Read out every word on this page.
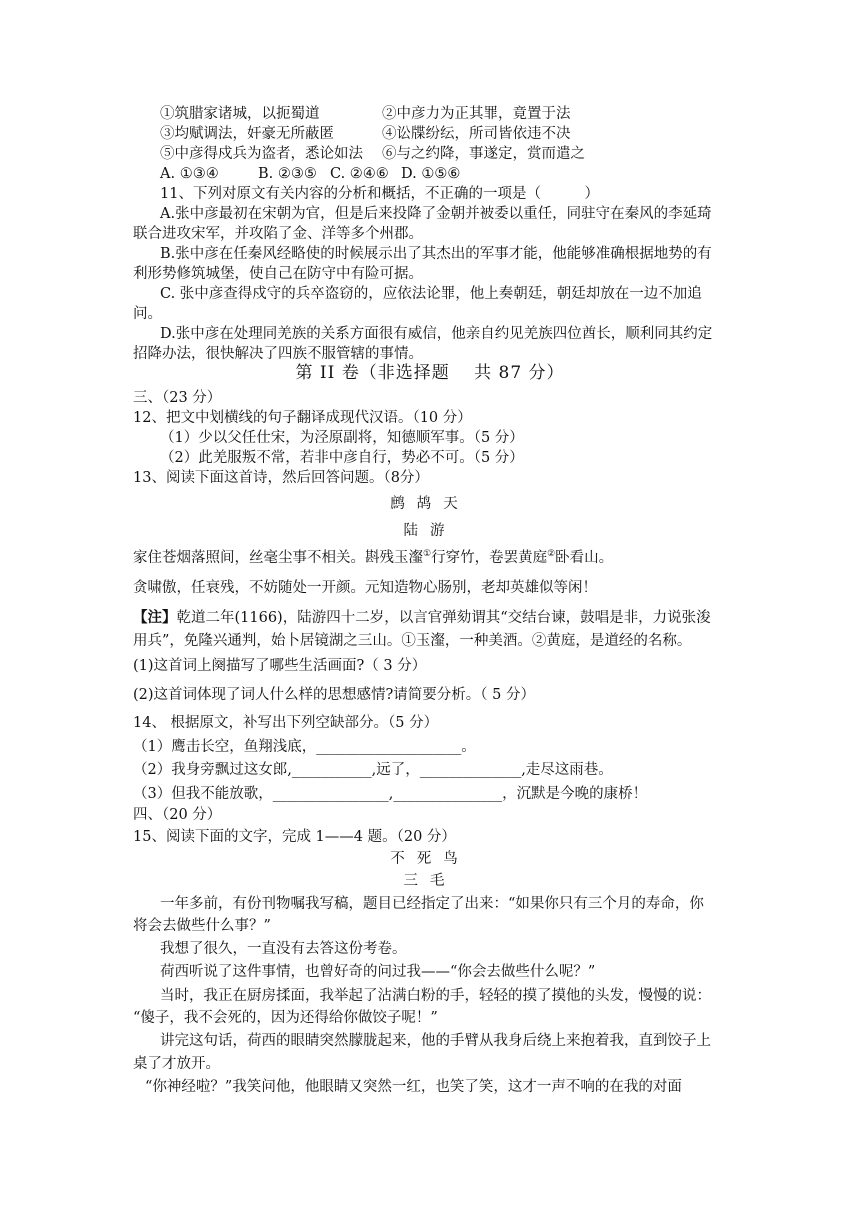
①筑腊家诸城，以扼蜀道	②中彦力为正其罪，竟置于法
③均赋调法，奸豪无所蔽匿	④讼牒纷纭，所司皆依违不决
⑤中彦得戍兵为盗者，悉论如法 ⑥与之约降，事遂定，赏而遣之
A. ①③④	B. ②③⑤ C. ②④⑥ D. ①⑤⑥
11、下列对原文有关内容的分析和概括，不正确的一项是（　　　）
A.张中彦最初在宋朝为官，但是后来投降了金朝并被委以重任，同驻守在秦风的李延琦
联合进攻宋军，并攻陷了金、洋等多个州郡。
B.张中彦在任秦风经略使的时候展示出了其杰出的军事才能，他能够准确根据地势的有
利形势修筑城堡，使自己在防守中有险可据。
C. 张中彦查得戍守的兵卒盗窃的，应依法论罪，他上奏朝廷，朝廷却放在一边不加追
问。
D.张中彦在处理同羌族的关系方面很有威信，他亲自约见羌族四位酋长，顺利同其约定
招降办法，很快解决了四族不服管辖的事情。
第 II 卷（非选择题　 共 87 分）
三、（23 分）
12、把文中划横线的句子翻译成现代汉语。（10 分）
（1）少以父任仕宋，为泾原副将，知德顺军事。（5 分）
（2）此羌服叛不常，若非中彦自行，势必不可。（5 分）
13、阅读下面这首诗，然后回答问题。（8分）
鹧鸪天
陆游
家住苍烟落照间，丝毫尘事不相关。斟残玉瀣①行穿竹，卷罢黄庭②卧看山。
贪啸傲，任衰残，不妨随处一开颜。元知造物心肠别，老却英雄似等闲！
【注】乾道二年(1166)，陆游四十二岁，以言官弹劾谓其“交结台谏，鼓唱是非，力说张浚
用兵”，免隆兴通判，始卜居镜湖之三山。①玉瀣，一种美酒。②黄庭，是道经的名称。
(1)这首词上阕描写了哪些生活画面?（ 3 分）
(2)这首词体现了词人什么样的思想感情?请简要分析。（ 5 分）
14、 根据原文，补写出下列空缺部分。（5 分）
（1）鹰击长空，鱼翔浅底，____________________。
（2）我身旁飘过这女郎,___________,远了，______________,走尽这雨巷。
（3）但我不能放歌，________________,_______________，沉默是今晚的康桥！
四、（20 分）
15、阅读下面的文字，完成 1——4 题。（20 分）
不死鸟
三毛
一年多前，有份刊物嘱我写稿，题目已经指定了出来：“如果你只有三个月的寿命，你
将会去做些什么事？”
我想了很久，一直没有去答这份考卷。
荷西听说了这件事情，也曾好奇的问过我——“你会去做些什么呢？”
当时，我正在厨房揉面，我举起了沾满白粉的手，轻轻的摸了摸他的头发，慢慢的说：
“傻子，我不会死的，因为还得给你做饺子呢！”
讲完这句话，荷西的眼睛突然朦胧起来，他的手臂从我身后绕上来抱着我，直到饺子上
桌了才放开。
“你神经啦？”我笑问他，他眼睛又突然一红，也笑了笑，这才一声不响的在我的对面
